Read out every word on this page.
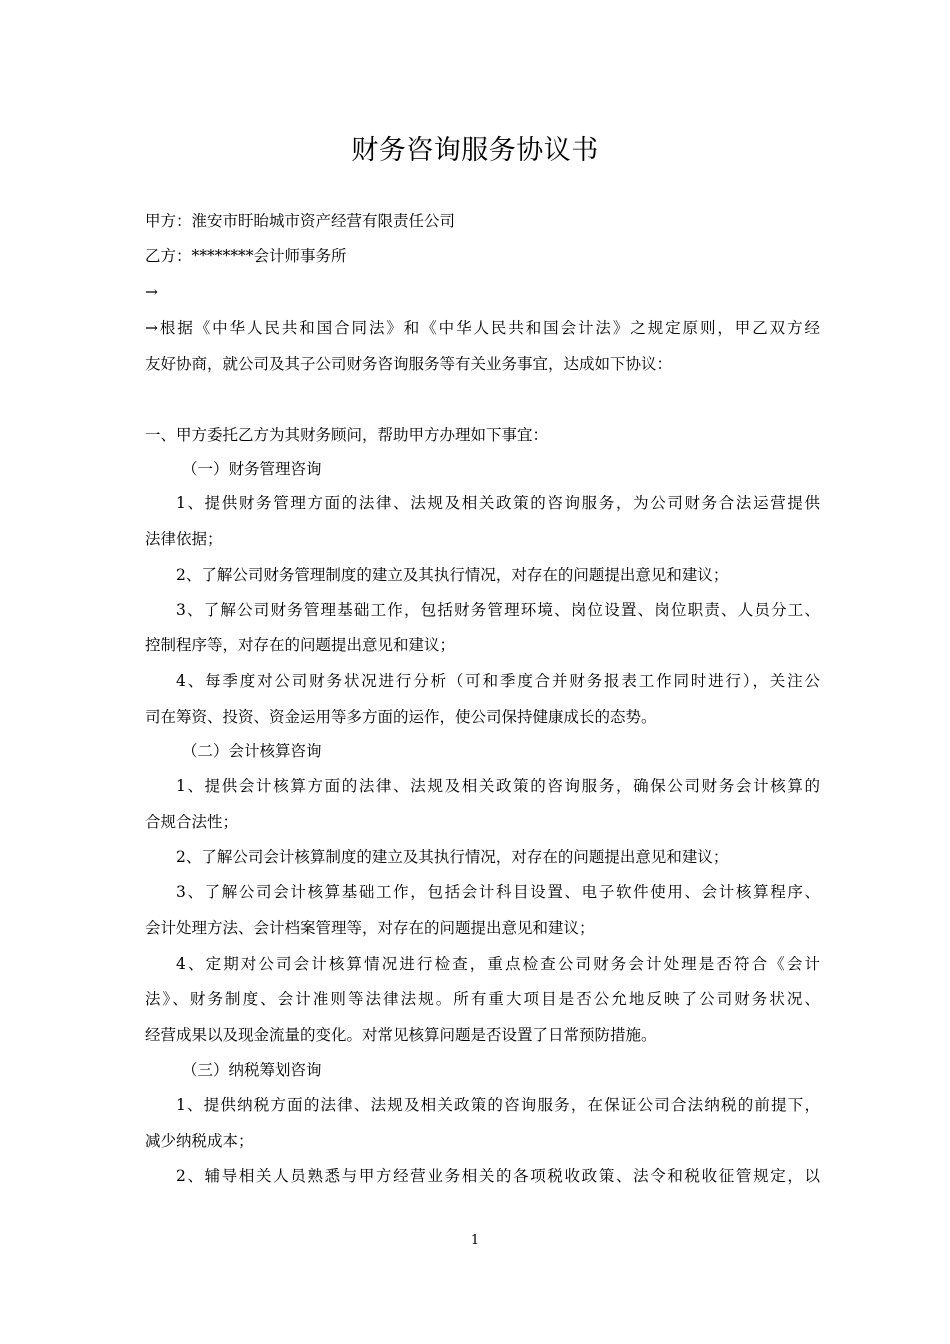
财务咨询服务协议书
甲方：淮安市盱眙城市资产经营有限责任公司
乙方：********会计师事务所
→
→根据《中华人民共和国合同法》和《中华人民共和国会计法》之规定原则，甲乙双方经
友好协商，就公司及其子公司财务咨询服务等有关业务事宜，达成如下协议：
一、甲方委托乙方为其财务顾问，帮助甲方办理如下事宜：
（一）财务管理咨询
1、提供财务管理方面的法律、法规及相关政策的咨询服务，为公司财务合法运营提供
法律依据；
2、了解公司财务管理制度的建立及其执行情况，对存在的问题提出意见和建议；
3、了解公司财务管理基础工作，包括财务管理环境、岗位设置、岗位职责、人员分工、
控制程序等，对存在的问题提出意见和建议；
4、每季度对公司财务状况进行分析（可和季度合并财务报表工作同时进行），关注公
司在筹资、投资、资金运用等多方面的运作，使公司保持健康成长的态势。
（二）会计核算咨询
1、提供会计核算方面的法律、法规及相关政策的咨询服务，确保公司财务会计核算的
合规合法性；
2、了解公司会计核算制度的建立及其执行情况，对存在的问题提出意见和建议；
3、了解公司会计核算基础工作，包括会计科目设置、电子软件使用、会计核算程序、
会计处理方法、会计档案管理等，对存在的问题提出意见和建议；
4、定期对公司会计核算情况进行检查，重点检查公司财务会计处理是否符合《会计
法》、财务制度、会计准则等法律法规。所有重大项目是否公允地反映了公司财务状况、
经营成果以及现金流量的变化。对常见核算问题是否设置了日常预防措施。
（三）纳税筹划咨询
1、提供纳税方面的法律、法规及相关政策的咨询服务，在保证公司合法纳税的前提下，
减少纳税成本；
2、辅导相关人员熟悉与甲方经营业务相关的各项税收政策、法令和税收征管规定，以
1
